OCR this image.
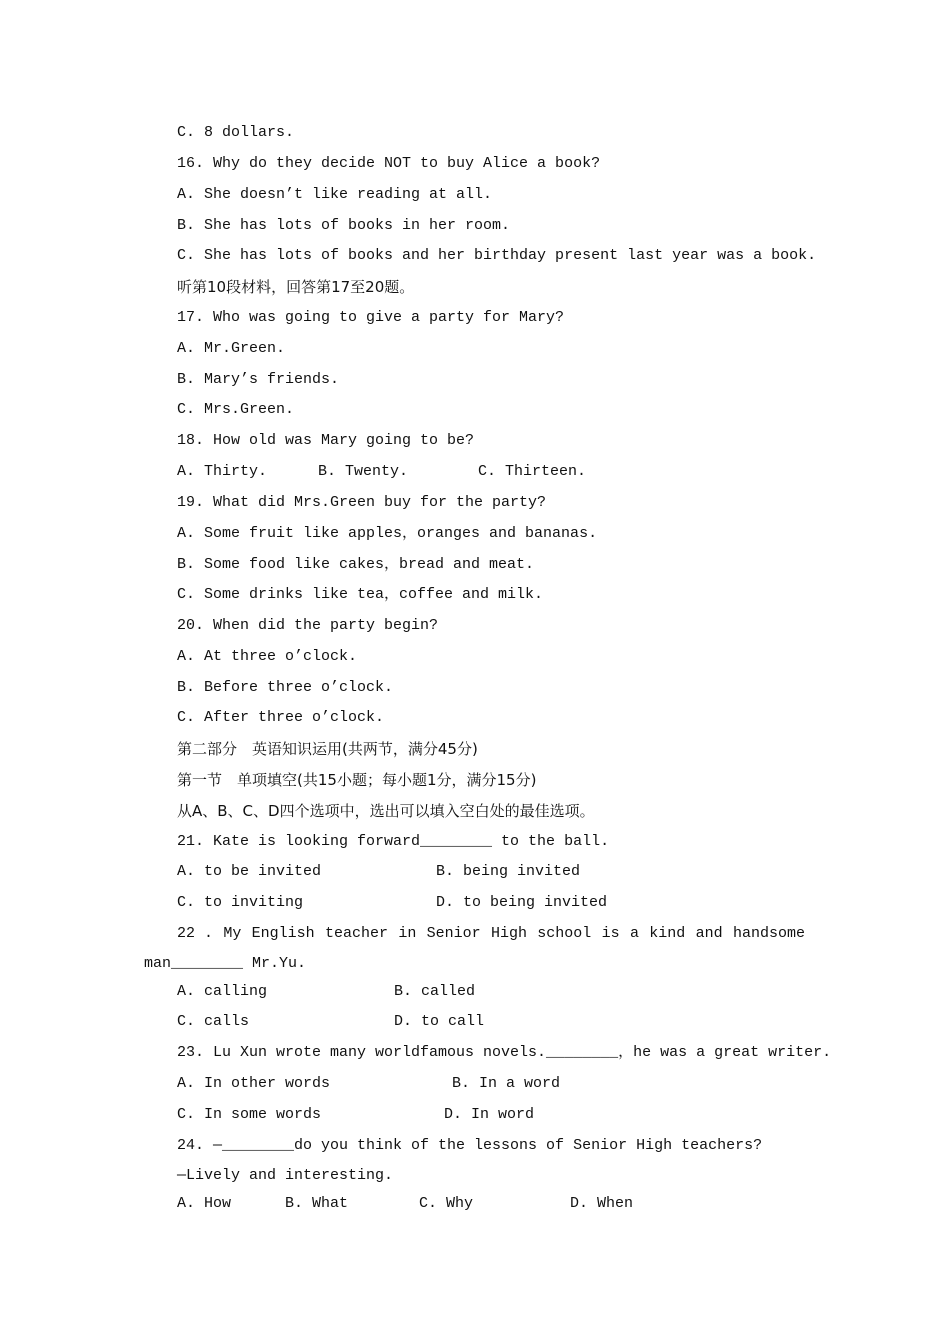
C. 8 dollars.
16. Why do they decide NOT to buy Alice a book?
A. She doesn’t like reading at all.
B. She has lots of books in her room.
C. She has lots of books and her birthday present last year was a book.
听第10段材料，回答第17至20题。
17. Who was going to give a party for Mary?
A. Mr.Green.
B. Mary’s friends.
C. Mrs.Green.
18. How old was Mary going to be?
A. Thirty.	B. Twenty.	C. Thirteen.
19. What did Mrs.Green buy for the party?
A. Some fruit like apples，oranges and bananas.
B. Some food like cakes，bread and meat.
C. Some drinks like tea，coffee and milk.
20. When did the party begin?
A. At three o’clock.
B. Before three o’clock.
C. After three o’clock.
第二部分　英语知识运用(共两节，满分45分)
第一节　单项填空(共15小题；每小题1分，满分15分)
从A、B、C、D四个选项中，选出可以填入空白处的最佳选项。
21. Kate is looking forward________ to the ball.
A. to be invited	B. being invited
C. to inviting	D. to being invited
22 . My English teacher in Senior High school is a kind and handsome
man________ Mr.Yu.
A. calling	B. called
C. calls	D. to call
23. Lu Xun wrote many worldfamous novels.________，he was a great writer.
A. In other words	B. In a word
C. In some words	D. In word
24. —________do you think of the lessons of Senior High teachers?
—Lively and interesting.
A. How	B. What	C. Why	D. When
